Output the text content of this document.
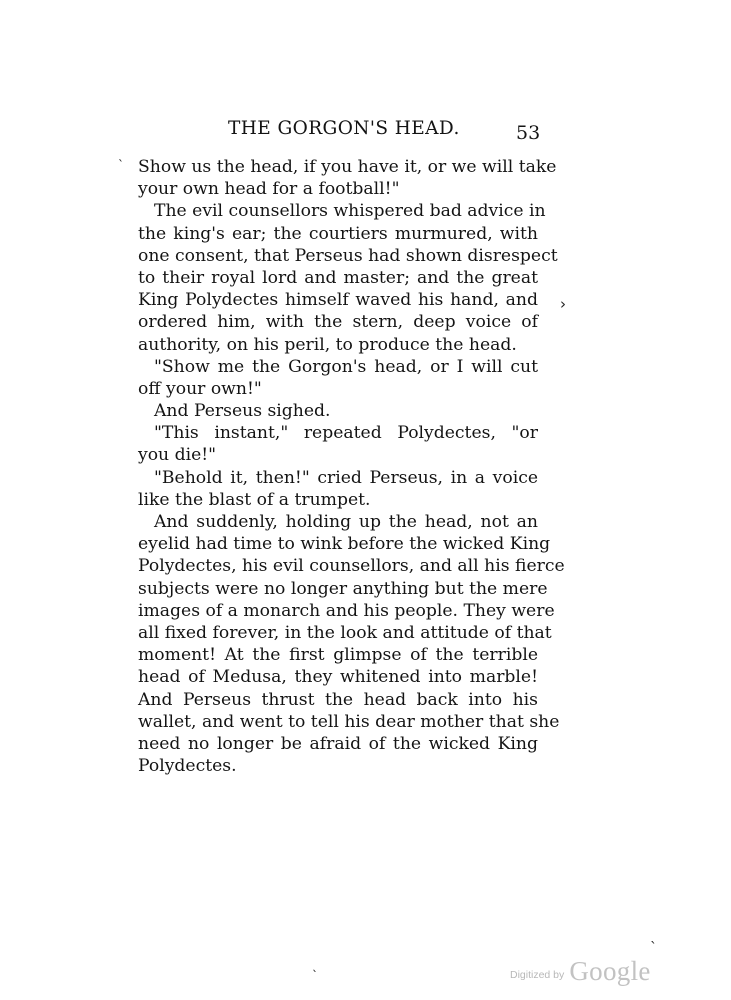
THE GORGON'S HEAD.	53
Show us the head, if you have it, or we will take
your own head for a football!"
The evil counsellors whispered bad advice in
the king's ear; the courtiers murmured, with
one consent, that Perseus had shown disrespect
to their royal lord and master; and the great
King Polydectes himself waved his hand, and
ordered him, with the stern, deep voice of
authority, on his peril, to produce the head.
"Show me the Gorgon's head, or I will cut
off your own!"
And Perseus sighed.
"This instant," repeated Polydectes, "or
you die!"
"Behold it, then!" cried Perseus, in a voice
like the blast of a trumpet.
And suddenly, holding up the head, not an
eyelid had time to wink before the wicked King
Polydectes, his evil counsellors, and all his fierce
subjects were no longer anything but the mere
images of a monarch and his people. They were
all fixed forever, in the look and attitude of that
moment! At the first glimpse of the terrible
head of Medusa, they whitened into marble!
And Perseus thrust the head back into his
wallet, and went to tell his dear mother that she
need no longer be afraid of the wicked King
Polydectes.
ˋ
›
ˎ
ˎ
Digitized by Google
